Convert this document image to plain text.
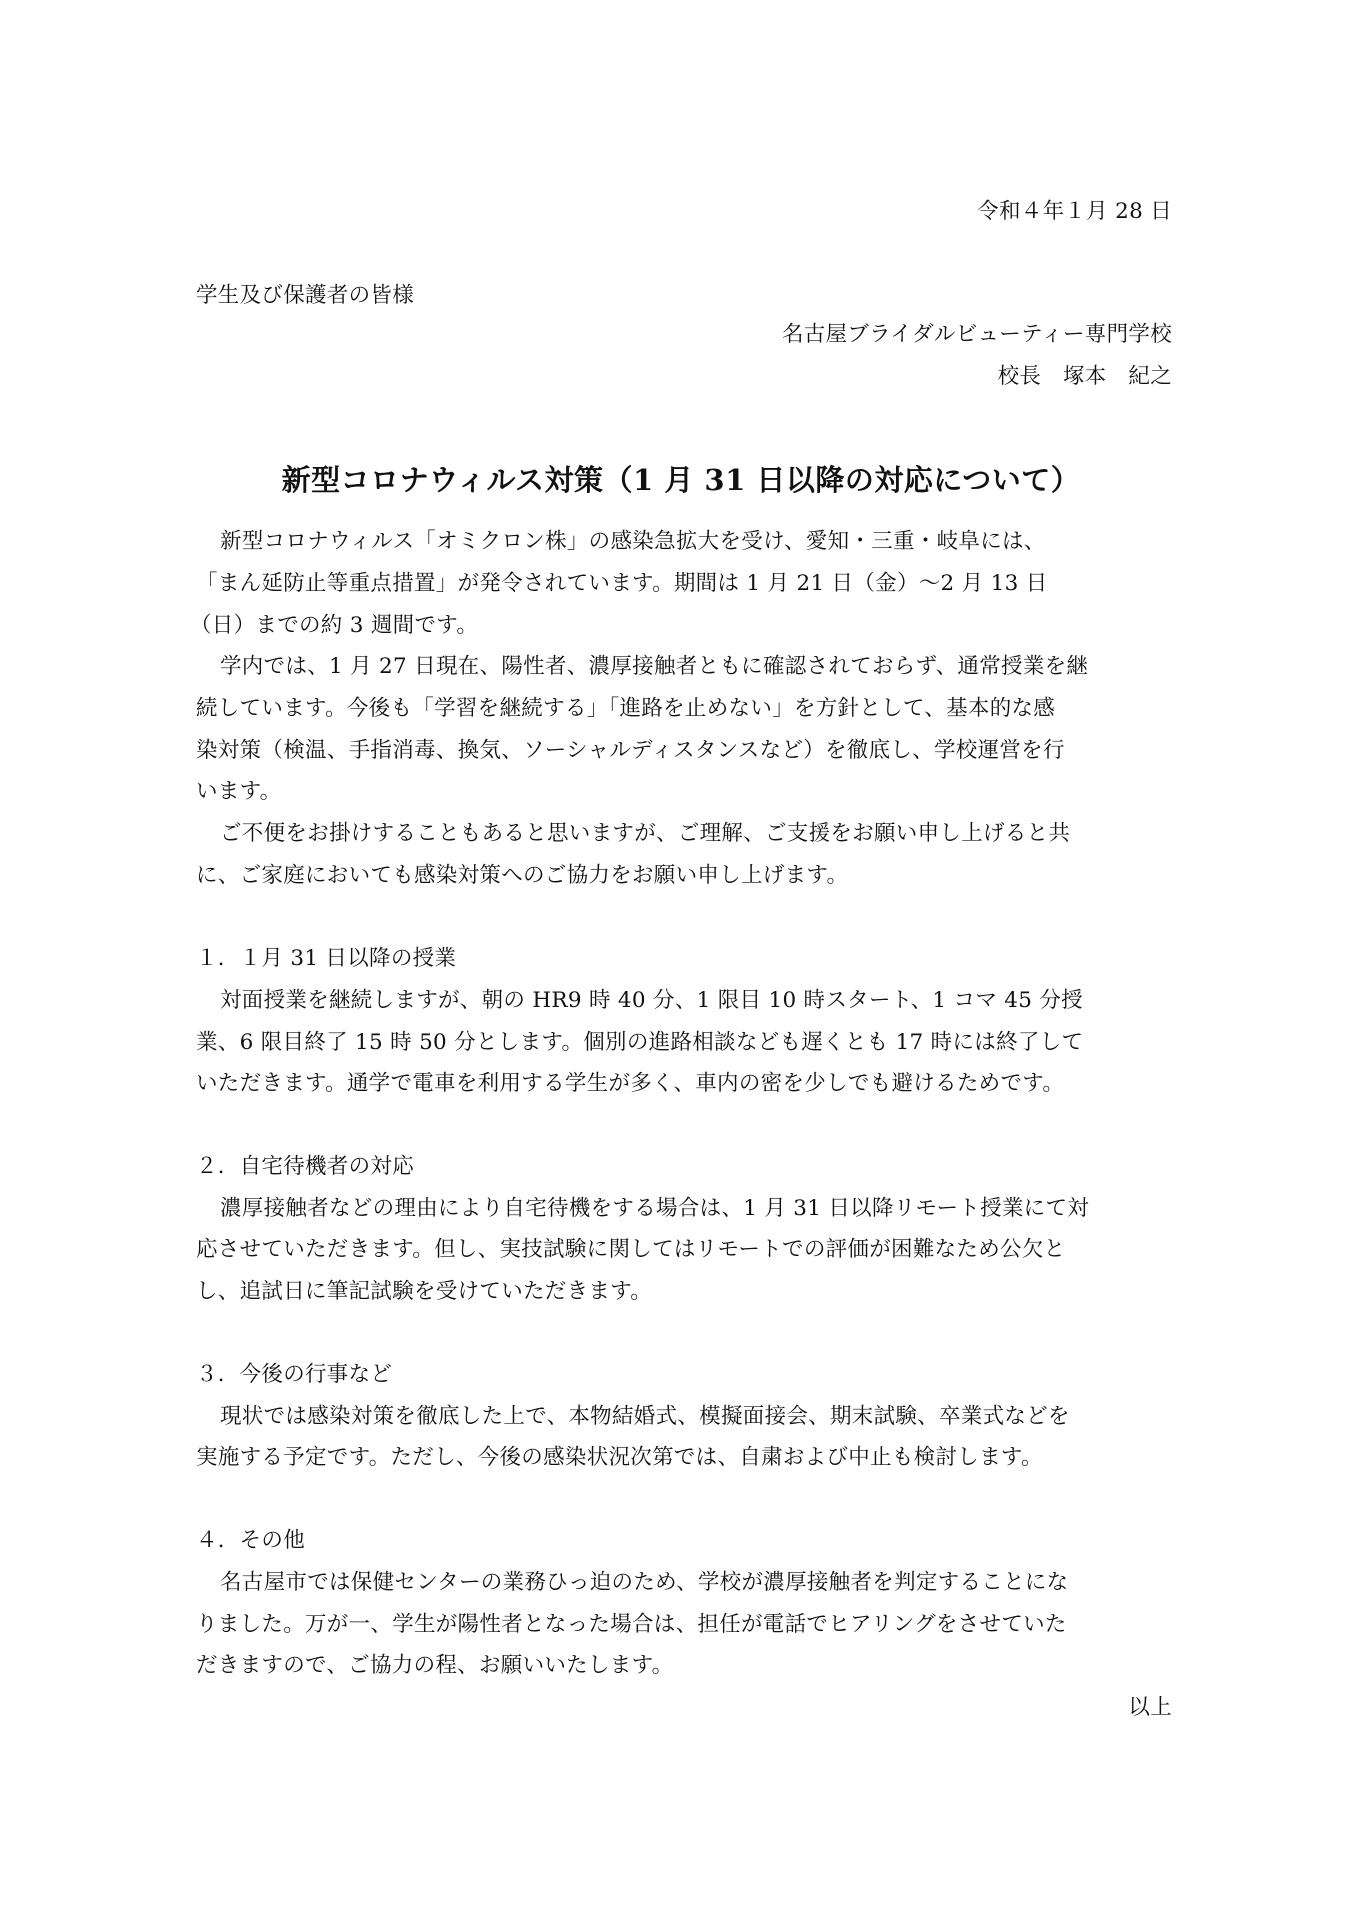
令和４年１月 28 日
学生及び保護者の皆様
名古屋ブライダルビューティー専門学校
校長　塚本　紀之
新型コロナウィルス対策（1 月 31 日以降の対応について）
新型コロナウィルス「オミクロン株」の感染急拡大を受け、愛知・三重・岐阜には、
「まん延防止等重点措置」が発令されています。期間は 1 月 21 日（金）～2 月 13 日
（日）までの約 3 週間です。
学内では、1 月 27 日現在、陽性者、濃厚接触者ともに確認されておらず、通常授業を継
続しています。今後も「学習を継続する」「進路を止めない」を方針として、基本的な感
染対策（検温、手指消毒、換気、ソーシャルディスタンスなど）を徹底し、学校運営を行
います。
ご不便をお掛けすることもあると思いますが、ご理解、ご支援をお願い申し上げると共
に、ご家庭においても感染対策へのご協力をお願い申し上げます。
１．１月 31 日以降の授業
対面授業を継続しますが、朝の HR9 時 40 分、1 限目 10 時スタート、1 コマ 45 分授
業、6 限目終了 15 時 50 分とします。個別の進路相談なども遅くとも 17 時には終了して
いただきます。通学で電車を利用する学生が多く、車内の密を少しでも避けるためです。
２．自宅待機者の対応
濃厚接触者などの理由により自宅待機をする場合は、1 月 31 日以降リモート授業にて対
応させていただきます。但し、実技試験に関してはリモートでの評価が困難なため公欠と
し、追試日に筆記試験を受けていただきます。
３．今後の行事など
現状では感染対策を徹底した上で、本物結婚式、模擬面接会、期末試験、卒業式などを
実施する予定です。ただし、今後の感染状況次第では、自粛および中止も検討します。
４．その他
名古屋市では保健センターの業務ひっ迫のため、学校が濃厚接触者を判定することにな
りました。万が一、学生が陽性者となった場合は、担任が電話でヒアリングをさせていた
だきますので、ご協力の程、お願いいたします。
以上
